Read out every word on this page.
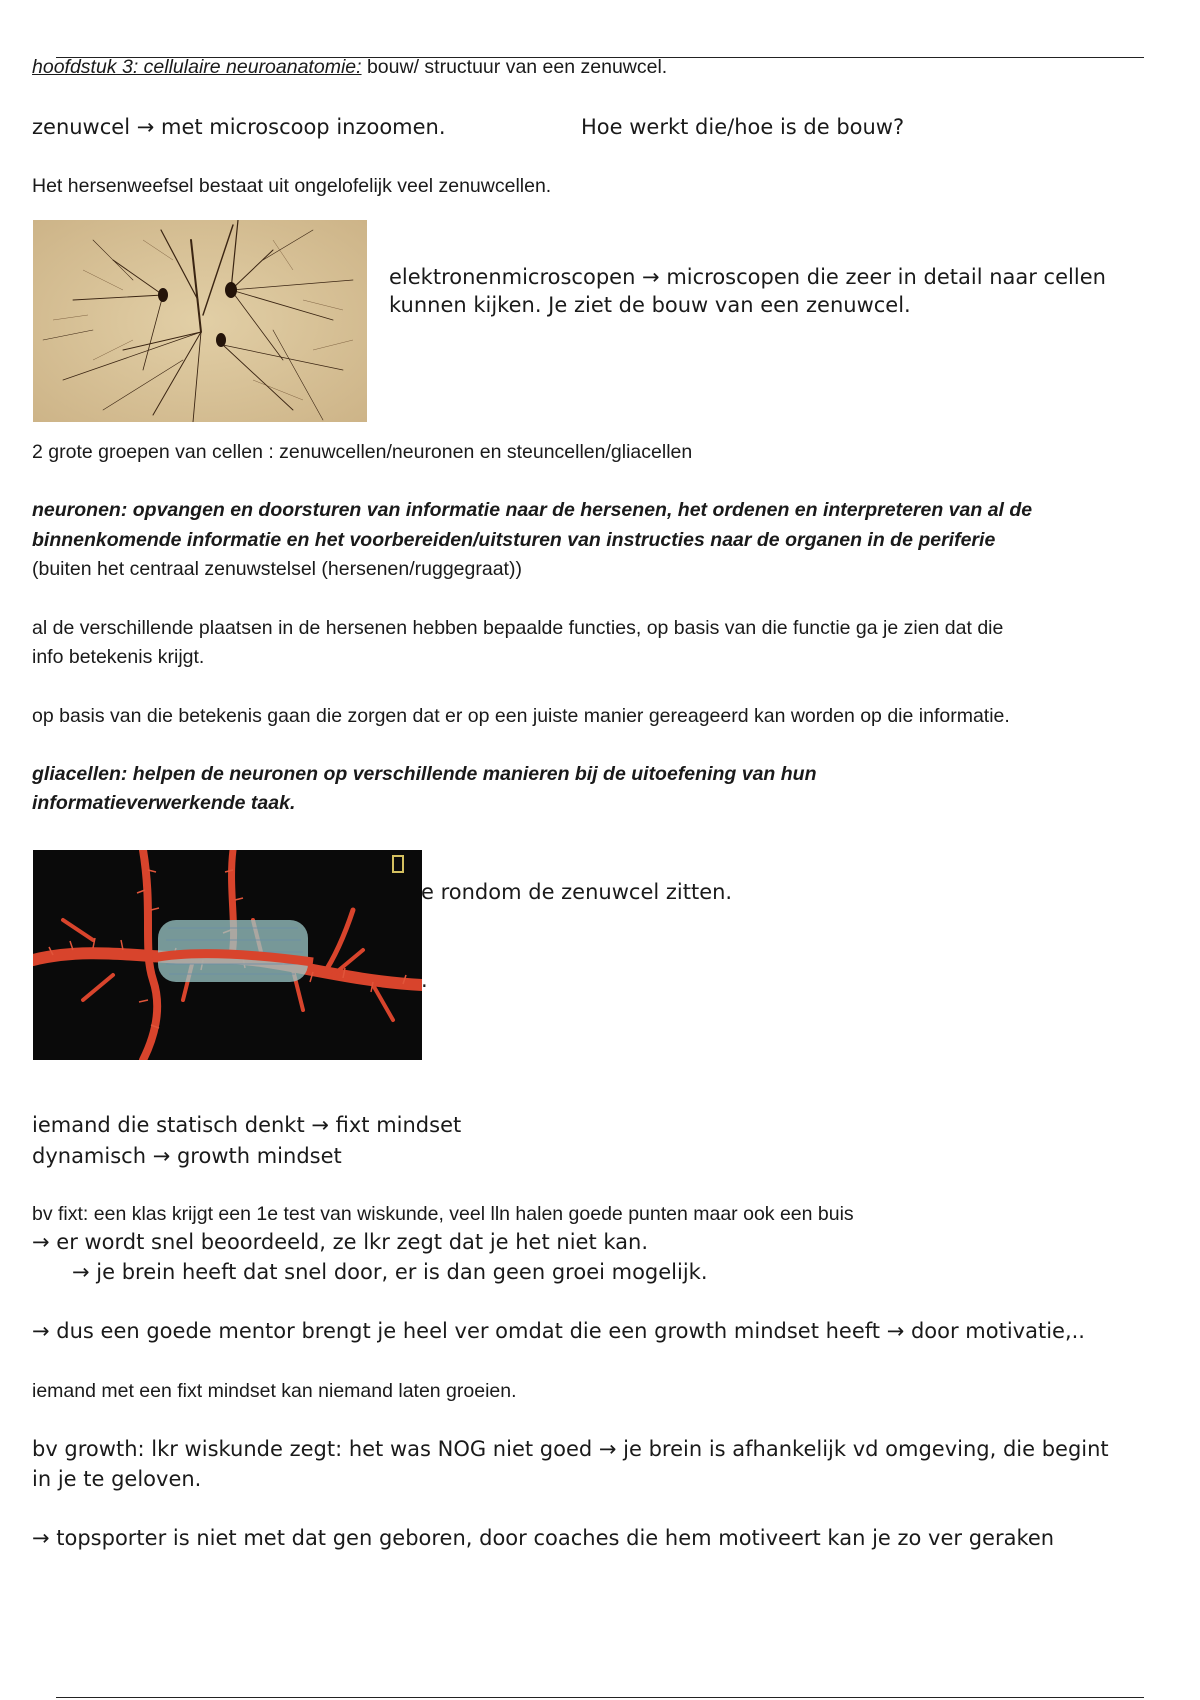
hoofdstuk 3: cellulaire neuroanatomie: bouw/ structuur van een zenuwcel.

zenuwcel → met microscoop inzoomen.	Hoe werkt die/hoe is de bouw?

Het hersenweefsel bestaat uit ongelofelijk veel zenuwcellen.

elektronenmicroscopen → microscopen die zeer in detail naar cellen

kunnen kijken. Je ziet de bouw van een zenuwcel.

2 grote groepen van cellen : zenuwcellen/neuronen en steuncellen/gliacellen

neuronen: opvangen en doorsturen van informatie naar de hersenen, het ordenen en interpreteren van al de

binnenkomende informatie en het voorbereiden/uitsturen van instructies naar de organen in de periferie

(buiten het centraal zenuwstelsel (hersenen/ruggegraat))

al de verschillende plaatsen in de hersenen hebben bepaalde functies, op basis van die functie ga je zien dat die

info betekenis krijgt.

op basis van die betekenis gaan die zorgen dat er op een juiste manier gereageerd kan worden op die informatie.

gliacellen: helpen de neuronen op verschillende manieren bij de uitoefening van hun

informatieverwerkende taak.

e rondom de zenuwcel zitten.

.

iemand die statisch denkt → fixt mindset

dynamisch → growth mindset

bv fixt: een klas krijgt een 1e test van wiskunde, veel lln halen goede punten maar ook een buis

→ er wordt snel beoordeeld, ze lkr zegt dat je het niet kan.

→ je brein heeft dat snel door, er is dan geen groei mogelijk.

→ dus een goede mentor brengt je heel ver omdat die een growth mindset heeft → door motivatie,..

iemand met een fixt mindset kan niemand laten groeien.

bv growth: lkr wiskunde zegt: het was NOG niet goed → je brein is afhankelijk vd omgeving, die begint

in je te geloven.

→ topsporter is niet met dat gen geboren, door coaches die hem motiveert kan je zo ver geraken
